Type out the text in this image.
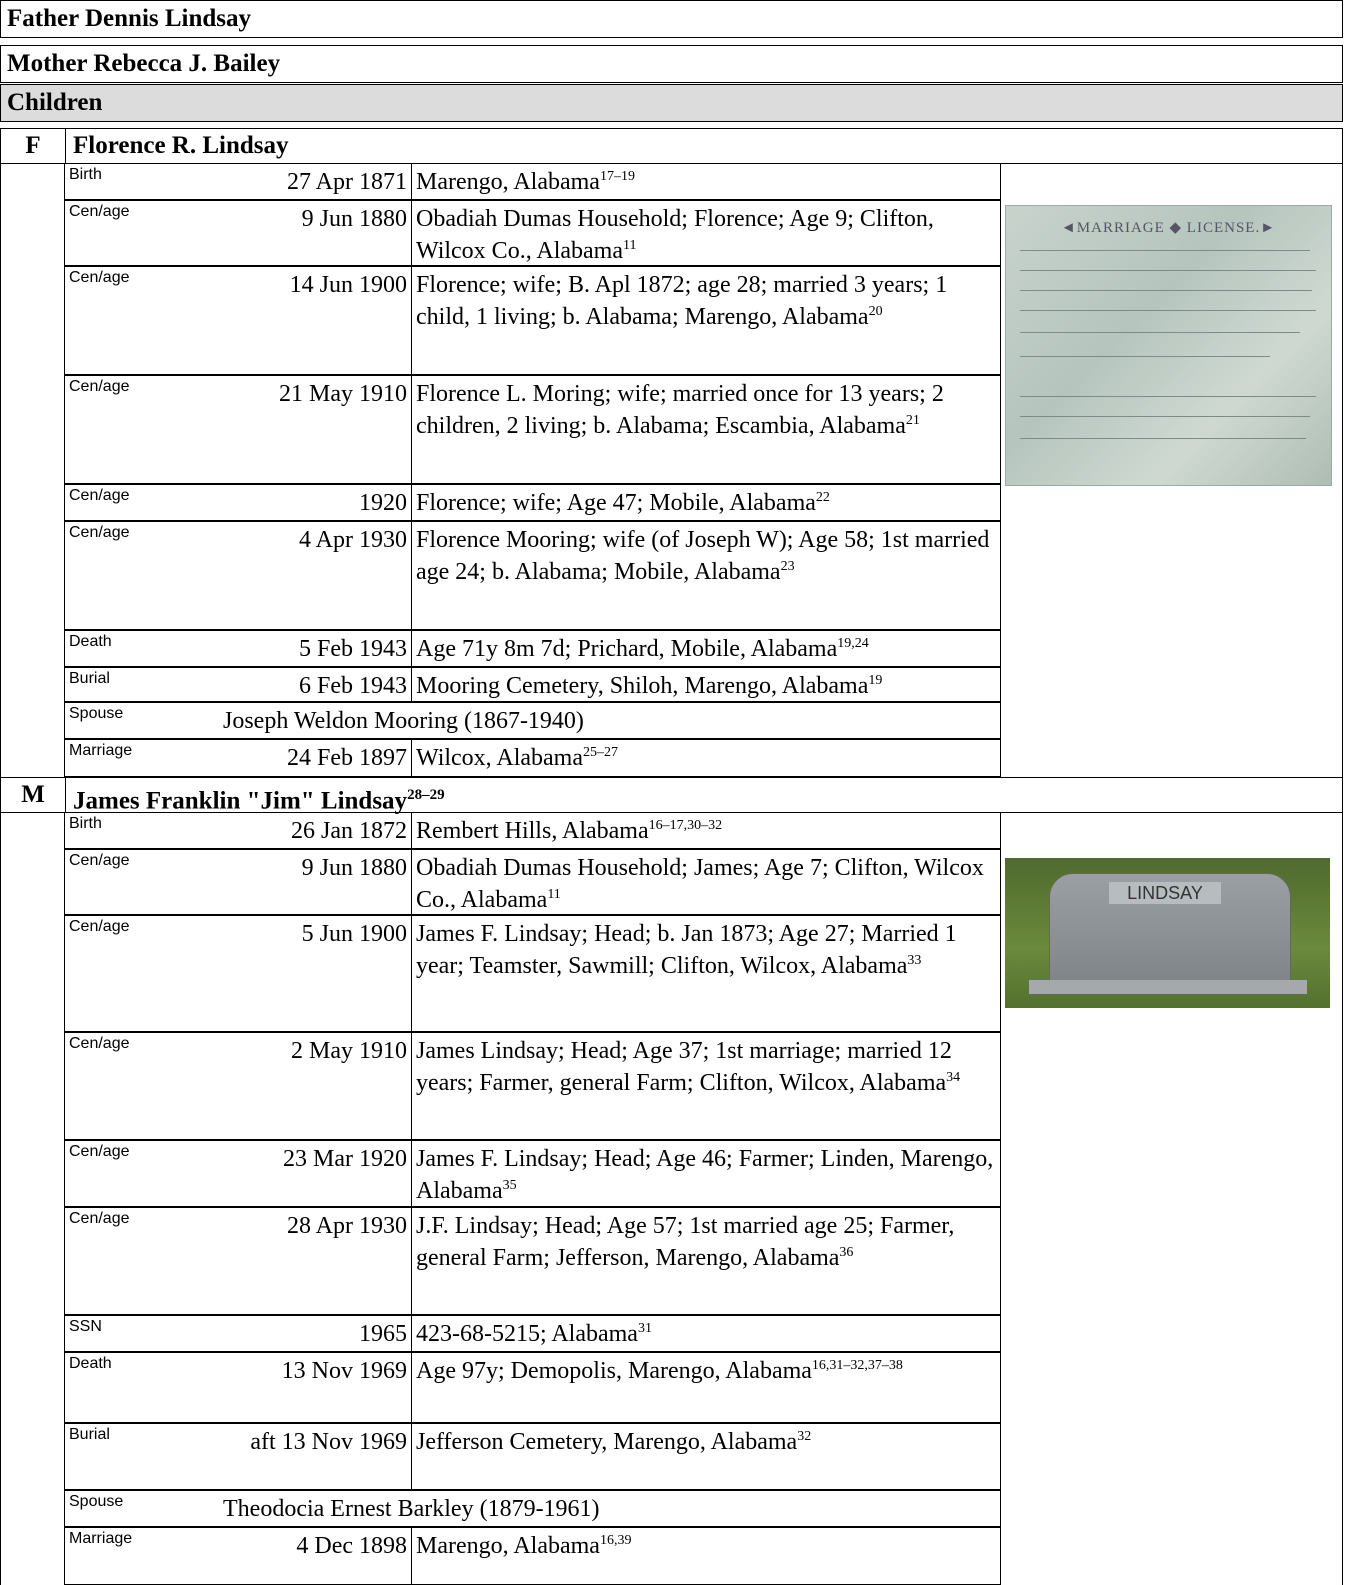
Father Dennis Lindsay
Mother Rebecca J. Bailey
Children
F	Florence R. Lindsay
Birth	27 Apr 1871 Marengo, Alabama$^{17-19}$
Cen/age	9 Jun 1880 Obadiah Dumas Household; Florence; Age 9; Clifton, Wilcox Co., Alabama$^{11}$
Cen/age	14 Jun 1900 Florence; wife; B. Apl 1872; age 28; married 3 years; 1 child, 1 living; b. Alabama; Marengo, Alabama$^{20}$
Cen/age	21 May 1910 Florence L. Moring; wife; married once for 13 years; 2 children, 2 living; b. Alabama; Escambia, Alabama$^{21}$
Cen/age	1920 Florence; wife; Age 47; Mobile, Alabama$^{22}$
Cen/age	4 Apr 1930 Florence Mooring; wife (of Joseph W); Age 58; 1st married age 24; b. Alabama; Mobile, Alabama$^{23}$
Death	5 Feb 1943 Age 71y 8m 7d; Prichard, Mobile, Alabama$^{19,24}$
Burial	6 Feb 1943 Mooring Cemetery, Shiloh, Marengo, Alabama$^{19}$
Spouse	Joseph Weldon Mooring (1867-1940)
Marriage	24 Feb 1897 Wilcox, Alabama$^{25-27}$
◄MARRIAGE ◆ LICENSE.►
M	James Franklin "Jim" Lindsay$^{28-29}$
Birth	26 Jan 1872 Rembert Hills, Alabama$^{16-17,30-32}$
Cen/age	9 Jun 1880 Obadiah Dumas Household; James; Age 7; Clifton, Wilcox Co., Alabama$^{11}$
Cen/age	5 Jun 1900 James F. Lindsay; Head; b. Jan 1873; Age 27; Married 1 year; Teamster, Sawmill; Clifton, Wilcox, Alabama$^{33}$
Cen/age	2 May 1910 James Lindsay; Head; Age 37; 1st marriage; married 12 years; Farmer, general Farm; Clifton, Wilcox, Alabama$^{34}$
Cen/age	23 Mar 1920 James F. Lindsay; Head; Age 46; Farmer; Linden, Marengo, Alabama$^{35}$
Cen/age	28 Apr 1930 J.F. Lindsay; Head; Age 57; 1st married age 25; Farmer, general Farm; Jefferson, Marengo, Alabama$^{36}$
SSN	1965 423-68-5215; Alabama$^{31}$
Death	13 Nov 1969 Age 97y; Demopolis, Marengo, Alabama$^{16,31-32,37-38}$
Burial	aft 13 Nov 1969 Jefferson Cemetery, Marengo, Alabama$^{32}$
Spouse	Theodocia Ernest Barkley (1879-1961)
Marriage	4 Dec 1898 Marengo, Alabama$^{16,39}$
LINDSAY
